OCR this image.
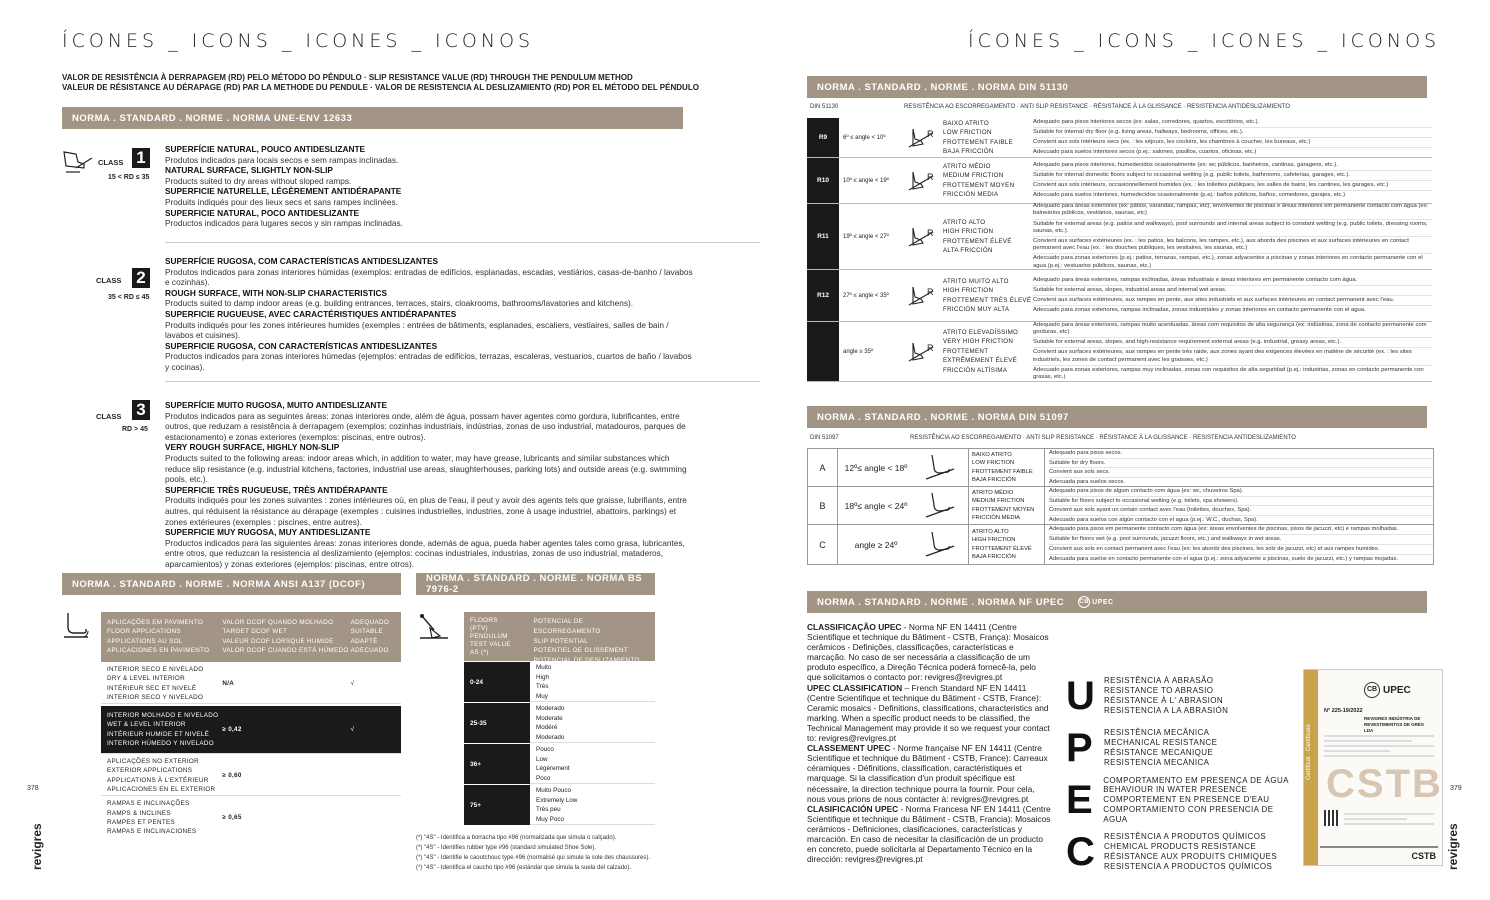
ÍCONES _ ICONS _ ICONES _ ICONOS
VALOR DE RESISTÊNCIA À DERRAPAGEM (RD) PELO MÉTODO DO PÊNDULO · SLIP RESISTANCE VALUE (RD) THROUGH THE PENDULUM METHOD
VALEUR DE RÉSISTANCE AU DÉRAPAGE (RD) PAR LA METHODE DU PENDULE · VALOR DE RESISTENCIA AL DESLIZAMIENTO (RD) POR EL MÉTODO DEL PÉNDULO
NORMA . STANDARD . NORME . NORMA UNE-ENV 12633
CLASS 1
15 < RD ≤ 35
SUPERFÍCIE NATURAL, POUCO ANTIDESLIZANTE
Produtos indicados para locais secos e sem rampas inclinadas.
NATURAL SURFACE, SLIGHTLY NON-SLIP
Products suited to dry areas without sloped ramps.
SUPERFICIE NATURELLE, LÉGÈREMENT ANTIDÉRAPANTE
Produits indiqués pour des lieux secs et sans rampes inclinées.
SUPERFICIE NATURAL, POCO ANTIDESLIZANTE
Productos indicados para lugares secos y sin rampas inclinadas.
CLASS 2
35 < RD ≤ 45
SUPERFÍCIE RUGOSA, COM CARACTERÍSTICAS ANTIDESLIZANTES
Produtos indicados para zonas interiores húmidas (exemplos: entradas de edifícios, esplanadas, escadas, vestiários, casas-de-banho / lavabos e cozinhas).
ROUGH SURFACE, WITH NON-SLIP CHARACTERISTICS
Products suited to damp indoor areas (e.g. building entrances, terraces, stairs, cloakrooms, bathrooms/lavatories and kitchens).
SUPERFICIE RUGUEUSE, AVEC CARACTÉRISTIQUES ANTIDÉRAPANTES
Produits indiqués pour les zones intérieures humides (exemples : entrées de bâtiments, esplanades, escaliers, vestiaires, salles de bain / lavabos et cuisines).
SUPERFICIE RUGOSA, CON CARACTERÍSTICAS ANTIDESLIZANTES
Productos indicados para zonas interiores húmedas (ejemplos: entradas de edificios, terrazas, escaleras, vestuarios, cuartos de baño / lavabos y cocinas).
CLASS 3
RD > 45
SUPERFÍCIE MUITO RUGOSA, MUITO ANTIDESLIZANTE
Produtos indicados para as seguintes áreas: zonas interiores onde, além de água, possam haver agentes como gordura, lubrificantes, entre outros, que reduzam a resistência à derrapagem (exemplos: cozinhas industriais, indústrias, zonas de uso industrial, matadouros, parques de estacionamento) e zonas exteriores (exemplos: piscinas, entre outros).
VERY ROUGH SURFACE, HIGHLY NON-SLIP
Products suited to the following areas: indoor areas which, in addition to water, may have grease, lubricants and similar substances which reduce slip resistance (e.g. industrial kitchens, factories, industrial use areas, slaughterhouses, parking lots) and outside areas (e.g. swimming pools, etc.).
SUPERFICIE TRÈS RUGUEUSE, TRÈS ANTIDÉRAPANTE
Produits indiqués pour les zones suivantes : zones intérieures où, en plus de l'eau, il peut y avoir des agents tels que graisse, lubrifiants, entre autres, qui réduisent la résistance au dérapage (exemples : cuisines industrielles, industries, zone à usage industriel, abattoirs, parkings) et zones extérieures (exemples : piscines, entre autres).
SUPERFICIE MUY RUGOSA, MUY ANTIDESLIZANTE
Productos indicados para las siguientes áreas: zonas interiores donde, además de agua, pueda haber agentes tales como grasa, lubricantes, entre otros, que reduzcan la resistencia al deslizamiento (ejemplos: cocinas industriales, industrias, zonas de uso industrial, mataderos, aparcamientos) y zonas exteriores (ejemplos: piscinas, entre otros).
NORMA . STANDARD . NORME . NORMA ANSI A137 (DCOF)
APLICAÇÕES EM PAVIMENTO
FLOOR APPLICATIONS
APPLICATIONS AU SOL
APLICACIONES EN PAVIMENTO
VALOR DCOF QUANDO MOLHADO
TARGET DCOF WET
VALEUR DCOF LORSQUE HUMIDE
VALOR DCOF CUANDO ESTÁ HÚMEDO
ADEQUADO
SUITABLE
ADAPTÉ
ADECUADO
INTERIOR SECO E NIVELADO
DRY & LEVEL INTERIOR
INTÉRIEUR SEC ET NIVELÉ
INTERIOR SECO Y NIVELADO
N/A	√
INTERIOR MOLHADO E NIVELADO
WET & LEVEL INTERIOR
INTÉRIEUR HUMIDE ET NIVELÉ
INTERIOR HÚMEDO Y NIVELADO
≥ 0,42	√
APLICAÇÕES NO EXTERIOR
EXTERIOR APPLICATIONS
APPLICATIONS À L'EXTÉRIEUR
APLICACIONES EN EL EXTERIOR
≥ 0,60
RAMPAS E INCLINAÇÕES
RAMPS & INCLINES
RAMPES ET PENTES
RAMPAS E INCLINACIONES
≥ 0,65
NORMA . STANDARD . NORME . NORMA BS 7976-2
FLOORS
(PTV)
PENDULUM
TEST VALUE
AS (*)
POTENCIAL DE ESCORREGAMENTO
SLIP POTENTIAL
POTENTIEL DE GLISSEMENT
POTENCIAL DE DESLIZAMIENTO
0-24
Muito
High
Très
Muy
25-35
Moderado
Moderate
Modéré
Moderado
36+
Pouco
Low
Légèrement
Poco
75+
Muito Pouco
Extremely Low
Très peu
Muy Poco
(*) "4S" - Identifica a borracha tipo #96 (normalizada que simula o calçado).
(*) "4S" - Identifies rubber type #96 (standard simulated Shoe Sole).
(*) "4S" - Identifie le caoutchouc type #96 (normalisé qui simule la sole des chaussures).
(*) "4S" - Identifica el caucho tipo #96 (estándar que simula la suela del calzado).
378
revigres
ÍCONES _ ICONS _ ICONES _ ICONOS
NORMA . STANDARD . NORME . NORMA DIN 51130
DIN 51130	RESISTÊNCIA AO ESCORREGAMENTO · ANTI SLIP RESISTANCE · RÉSISTANCE À LA GLISSANCE · RESISTENCIA ANTIDESLIZAMIENTO
R9	6º ≤ angle < 10º	R
BAIXO ATRITO
LOW FRICTION
FROTTEMENT FAIBLE
BAJA FRICCIÓN
Adequado para pisos interiores secos (ex: salas, corredores, quartos, escritórios, etc.).
Suitable for internal dry floor (e.g. living areas, hallways, bedrooms, offices, etc.).
Convient aux sols intérieurs secs (ex. : les séjours, les couloirs, les chambres à coucher, les bureaux, etc.)
Adecuado para suelos interiores secos (p.ej.: salones, pasillos, cuartos, oficinas, etc.)
R10	10º ≤ angle < 19º	R
ATRITO MÉDIO
MEDIUM FRICTION
FROTTEMENT MOYEN
FRICCIÓN MEDIA
Adequado para pisos interiores, humedecidos ocasionalmente (ex: wc públicos, banheiros, cantinas, garagens, etc.).
Suitable for internal domestic floors subject to occasional wetting (e.g. public toilets, bathrooms, cafeterias, garages, etc.).
Convient aux sols intérieurs, occasionnellement humides (ex. : les toilettes publiques, les salles de bains, les cantines, les garages, etc.)
Adecuado para suelos interiores, humedecidos ocasionalmente (p.ej.: baños públicos, baños, comedores, garajes, etc.)
R11	19º ≤ angle < 27º	R
ATRITO ALTO
HIGH FRICTION
FROTTEMENT ÉLEVÉ
ALTA FRICCIÓN
Adequado para áreas exteriores (ex: pátios, varandas, rampas, etc), envolventes de piscinas e áreas interiores em permanente contacto com água (ex: balneários públicos, vestiários, saunas, etc)
Suitable for external areas (e.g. patios and walkways), pool surrounds and internal areas subject to constant wetting (e.g. public toilets, dressing rooms, saunas, etc.).
Convient aux surfaces extérieures (ex. : les patios, les balcons, les rampes, etc.), aux abords des piscines et aux surfaces intérieures en contact permanent avec l'eau (ex. : les douches publiques, les vestiaires, les saunas, etc.)
Adecuado para zonas exteriores (p.ej.: patios, terrazas, rampas, etc.), zonas adyacentes a piscinas y zonas interiores en contacto permanente con el agua (p.ej.: vestuarios públicos, saunas, etc.)
R12	27º ≤ angle < 35º	R
ATRITO MUITO ALTO
HIGH FRICTION
FROTTEMENT TRÈS ÉLEVÉ
FRICCIÓN MUY ALTA
Adequado para áreas exteriores, rampas inclinadas, áreas industriais e áreas interiores em permanente contacto com água.
Suitable for external areas, slopes, industrial areas and internal wet areas.
Convient aux surfaces extérieures, aux rampes en pente, aux sites industriels et aux surfaces intérieures en contact permanent avec l'eau.
Adecuado para zonas exteriores, rampas inclinadas, zonas industriales y zonas interiores en contacto permanente con el agua.
angle ≥ 35º	R
ATRITO ELEVADÍSSIMO
VERY HIGH FRICTION
FROTTEMENT
EXTRÊMEMENT ÉLEVÉ
FRICCIÓN ALTÍSIMA
Adequado para áreas exteriores, rampas muito acentuadas, áreas com requisitos de alta segurança (ex: indústrias, zona de contacto permanente com gorduras, etc)
Suitable for external areas, slopes, and high-resistance requirement external areas (e.g. industrial, greasy areas, etc.).
Convient aux surfaces extérieures, aux rampes en pente très raide, aux zones ayant des exigences élevées en matière de sécurité (ex. : les sites industriels, les zones de contact permanent avec les graisses, etc.)
Adecuado para zonas exteriores, rampas muy inclinadas, zonas con requisitos de alta seguridad (p.ej.: industrias, zonas en contacto permanente con grasas, etc.)
NORMA . STANDARD . NORME . NORMA DIN 51097
DIN 51097	RESISTÊNCIA AO ESCORREGAMENTO · ANTI SLIP RESISTANCE · RÉSISTANCE À LA GLISSANCE · RESISTENCIA ANTIDESLIZAMIENTO
A	12º≤ angle < 18º
BAIXO ATRITO
LOW FRICTION
FROTTEMENT FAIBLE
BAJA FRICCIÓN
Adequado para pisos secos.
Suitable for dry floors.
Convient aux sols secs.
Adecuada para suelos secos.
B	18º≤ angle < 24º
ATRITO MÉDIO
MEDIUM FRICTION
FROTTEMENT MOYEN
FRICCIÓN MEDIA
Adequado para pisos de algum contacto com água (ex: wc, chuveiros Spa).
Suitable for floors subject to occasional wetting (e.g. toilets, spa showers).
Convient aux sols ayant un certain contact avec l'eau (toilettes, douches, Spa).
Adecuado para suelos con algún contacto con el agua (p.ej.: W.C., duchas, Spa).
C	angle ≥ 24º
ATRITO ALTO
HIGH FRICTION
FROTTEMENT ÉLEVÉ
BAJA FRICCIÓN
Adequado para pisos em permanente contacto com água (ex: áreas envolventes de piscinas, pisos de jacuzzi, etc) e rampas molhadas.
Suitable for floors wet (e.g. pool surrounds, jacuzzi floors, etc.) and walkways in wet areas.
Convient aux sols en contact permanent avec l'eau (ex: les abords des piscines, les sols de jacuzzi, etc) et aux rampes humides.
Adecuada para suelos en contacto permanente con el agua (p.ej.: zona adyacente a piscinas, suelo de jacuzzi, etc.) y rampas mojadas.
NORMA . STANDARD . NORME . NORMA NF UPEC	CB UPEC
CLASSIFICAÇÃO UPEC - Norma NF EN 14411 (Centre Scientifique et technique du Bâtiment - CSTB, França): Mosaicos cerâmicos - Definições, classificações, características e marcação. No caso de ser necessária a classificação de um produto específico, a Direção Técnica poderá fornecê-la, pelo que solicitamos o contacto por: revigres@revigres.pt
UPEC CLASSIFICATION – French Standard NF EN 14411 (Centre Scientifique et technique du Bâtiment - CSTB, France): Ceramic mosaics - Definitions, classifications, characteristics and marking. When a specific product needs to be classified, the Technical Management may provide it so we request your contact to: revigres@revigres.pt
CLASSEMENT UPEC - Norme française NF EN 14411 (Centre Scientifique et technique du Bâtiment - CSTB, France): Carreaux céramiques - Définitions, classification, caractéristiques et marquage. Si la classification d'un produit spécifique est nécessaire, la direction technique pourra la fournir. Pour cela, nous vous prions de nous contacter à: revigres@revigres.pt
CLASIFICACIÓN UPEC - Norma Francesa NF EN 14411 (Centre Scientifique et technique du Bâtiment - CSTB, Francia): Mosaicos cerámicos - Definiciones, clasificaciones, características y marcación. En caso de necesitar la clasificación de un producto en concreto, puede solicitarla al Departamento Técnico en la dirección: revigres@revigres.pt
U	RESISTÊNCIA À ABRASÃO
RESISTANCE TO ABRASIO
RÉSISTANCE À L' ABRASION
RESISTENCIA A LA ABRASIÓN
P	RESISTÊNCIA MECÂNICA
MECHANICAL RESISTANCE
RÉSISTANCE MECANIQUE
RESISTENCIA MECÁNICA
E	COMPORTAMENTO EM PRESENÇA DE ÁGUA
BEHAVIOUR IN WATER PRESENCE
COMPORTEMENT EN PRESENCE D'EAU
COMPORTAMIENTO CON PRESENCIA DE AGUA
C	RESISTÊNCIA A PRODUTOS QUÍMICOS
CHEMICAL PRODUCTS RESISTANCE
RÉSISTANCE AUX PRODUITS CHIMIQUES
RESISTENCIA A PRODUCTOS QUÍMICOS
Certificat · Certificate
CB UPEC
N° 225-19/2022
REVIGRES INDÚSTRIA DE REVESTIMENTOS DE GRÉS LDA
CSTB
CSTB
379
revigres
